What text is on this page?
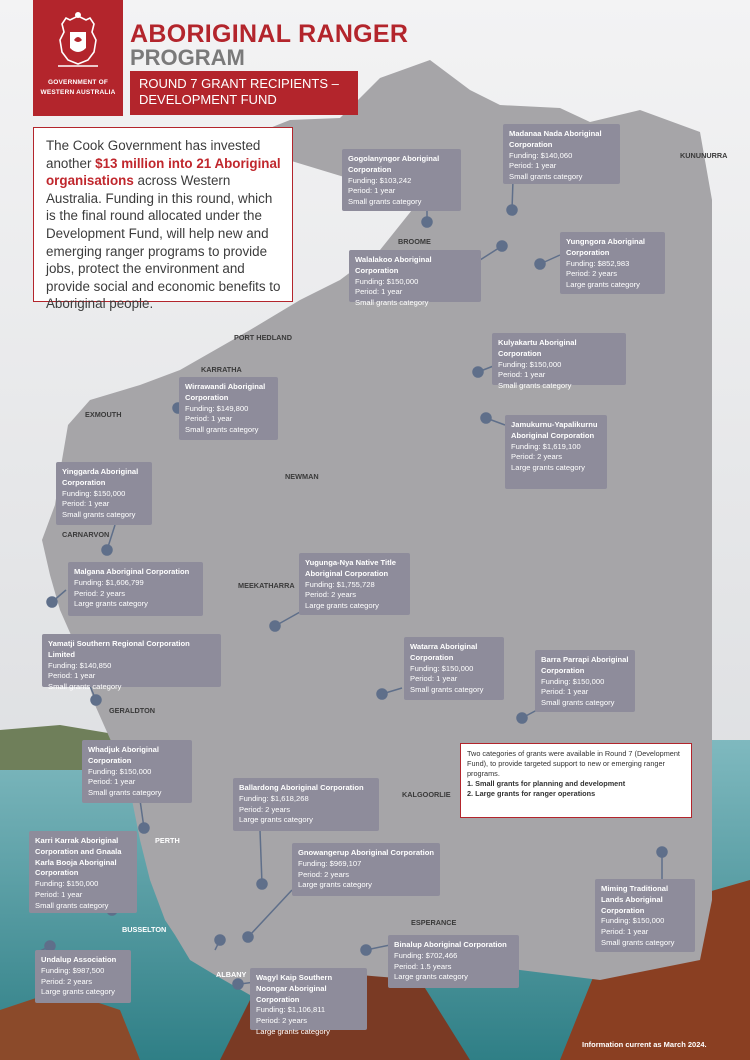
GOVERNMENT OF
WESTERN AUSTRALIA
ABORIGINAL RANGER
PROGRAM
ROUND 7 GRANT RECIPIENTS –
DEVELOPMENT FUND
The Cook Government has invested another $13 million into 21 Aboriginal organisations across Western Australia. Funding in this round, which is the final round allocated under the Development Fund, will help new and emerging ranger programs to provide jobs, protect the environment and provide social and economic benefits to Aboriginal people.
KUNUNURRA
BROOME
PORT HEDLAND
KARRATHA
EXMOUTH
NEWMAN
CARNARVON
MEEKATHARRA
GERALDTON
KALGOORLIE
PERTH
ESPERANCE
BUSSELTON
ALBANY
Madanaa Nada Aboriginal Corporation
Funding: $140,060
Period: 1 year
Small grants category
Gogolanyngor Aboriginal Corporation
Funding: $103,242
Period: 1 year
Small grants category
Walalakoo Aboriginal Corporation
Funding: $150,000
Period: 1 year
Small grants category
Yungngora Aboriginal Corporation
Funding: $852,983
Period: 2 years
Large grants category
Kulyakartu Aboriginal Corporation
Funding: $150,000
Period: 1 year
Small grants category
Wirrawandi Aboriginal Corporation
Funding: $149,800
Period: 1 year
Small grants category
Jamukurnu-Yapalikurnu Aboriginal Corporation
Funding: $1,619,100
Period: 2 years
Large grants category
Yinggarda Aboriginal Corporation
Funding: $150,000
Period: 1 year
Small grants category
Yugunga-Nya Native Title Aboriginal Corporation
Funding: $1,755,728
Period: 2 years
Large grants category
Malgana Aboriginal Corporation
Funding: $1,606,799
Period: 2 years
Large grants category
Yamatji Southern Regional Corporation Limited
Funding: $140,850
Period: 1 year
Small grants category
Watarra Aboriginal Corporation
Funding: $150,000
Period: 1 year
Small grants category
Barra Parrapi Aboriginal Corporation
Funding: $150,000
Period: 1 year
Small grants category
Whadjuk Aboriginal Corporation
Funding: $150,000
Period: 1 year
Small grants category
Ballardong Aboriginal Corporation
Funding: $1,618,268
Period: 2 years
Large grants category
Karri Karrak Aboriginal Corporation and Gnaala Karla Booja Aboriginal Corporation
Funding: $150,000
Period: 1 year
Small grants category
Gnowangerup Aboriginal Corporation
Funding: $969,107
Period: 2 years
Large grants category	Miming Traditional Lands Aboriginal Corporation
Funding: $150,000
Period: 1 year
Small grants category
Undalup Association
Funding: $987,500
Period: 2 years
Large grants category
Binalup Aboriginal Corporation
Funding: $702,466
Period: 1.5 years
Large grants category
Wagyl Kaip Southern Noongar Aboriginal Corporation
Funding: $1,106,811
Period: 2 years
Large grants category
Two categories of grants were available in Round 7 (Development Fund), to provide targeted support to new or emerging ranger programs.
1. Small grants for planning and development
2. Large grants for ranger operations
Information current as March 2024.
